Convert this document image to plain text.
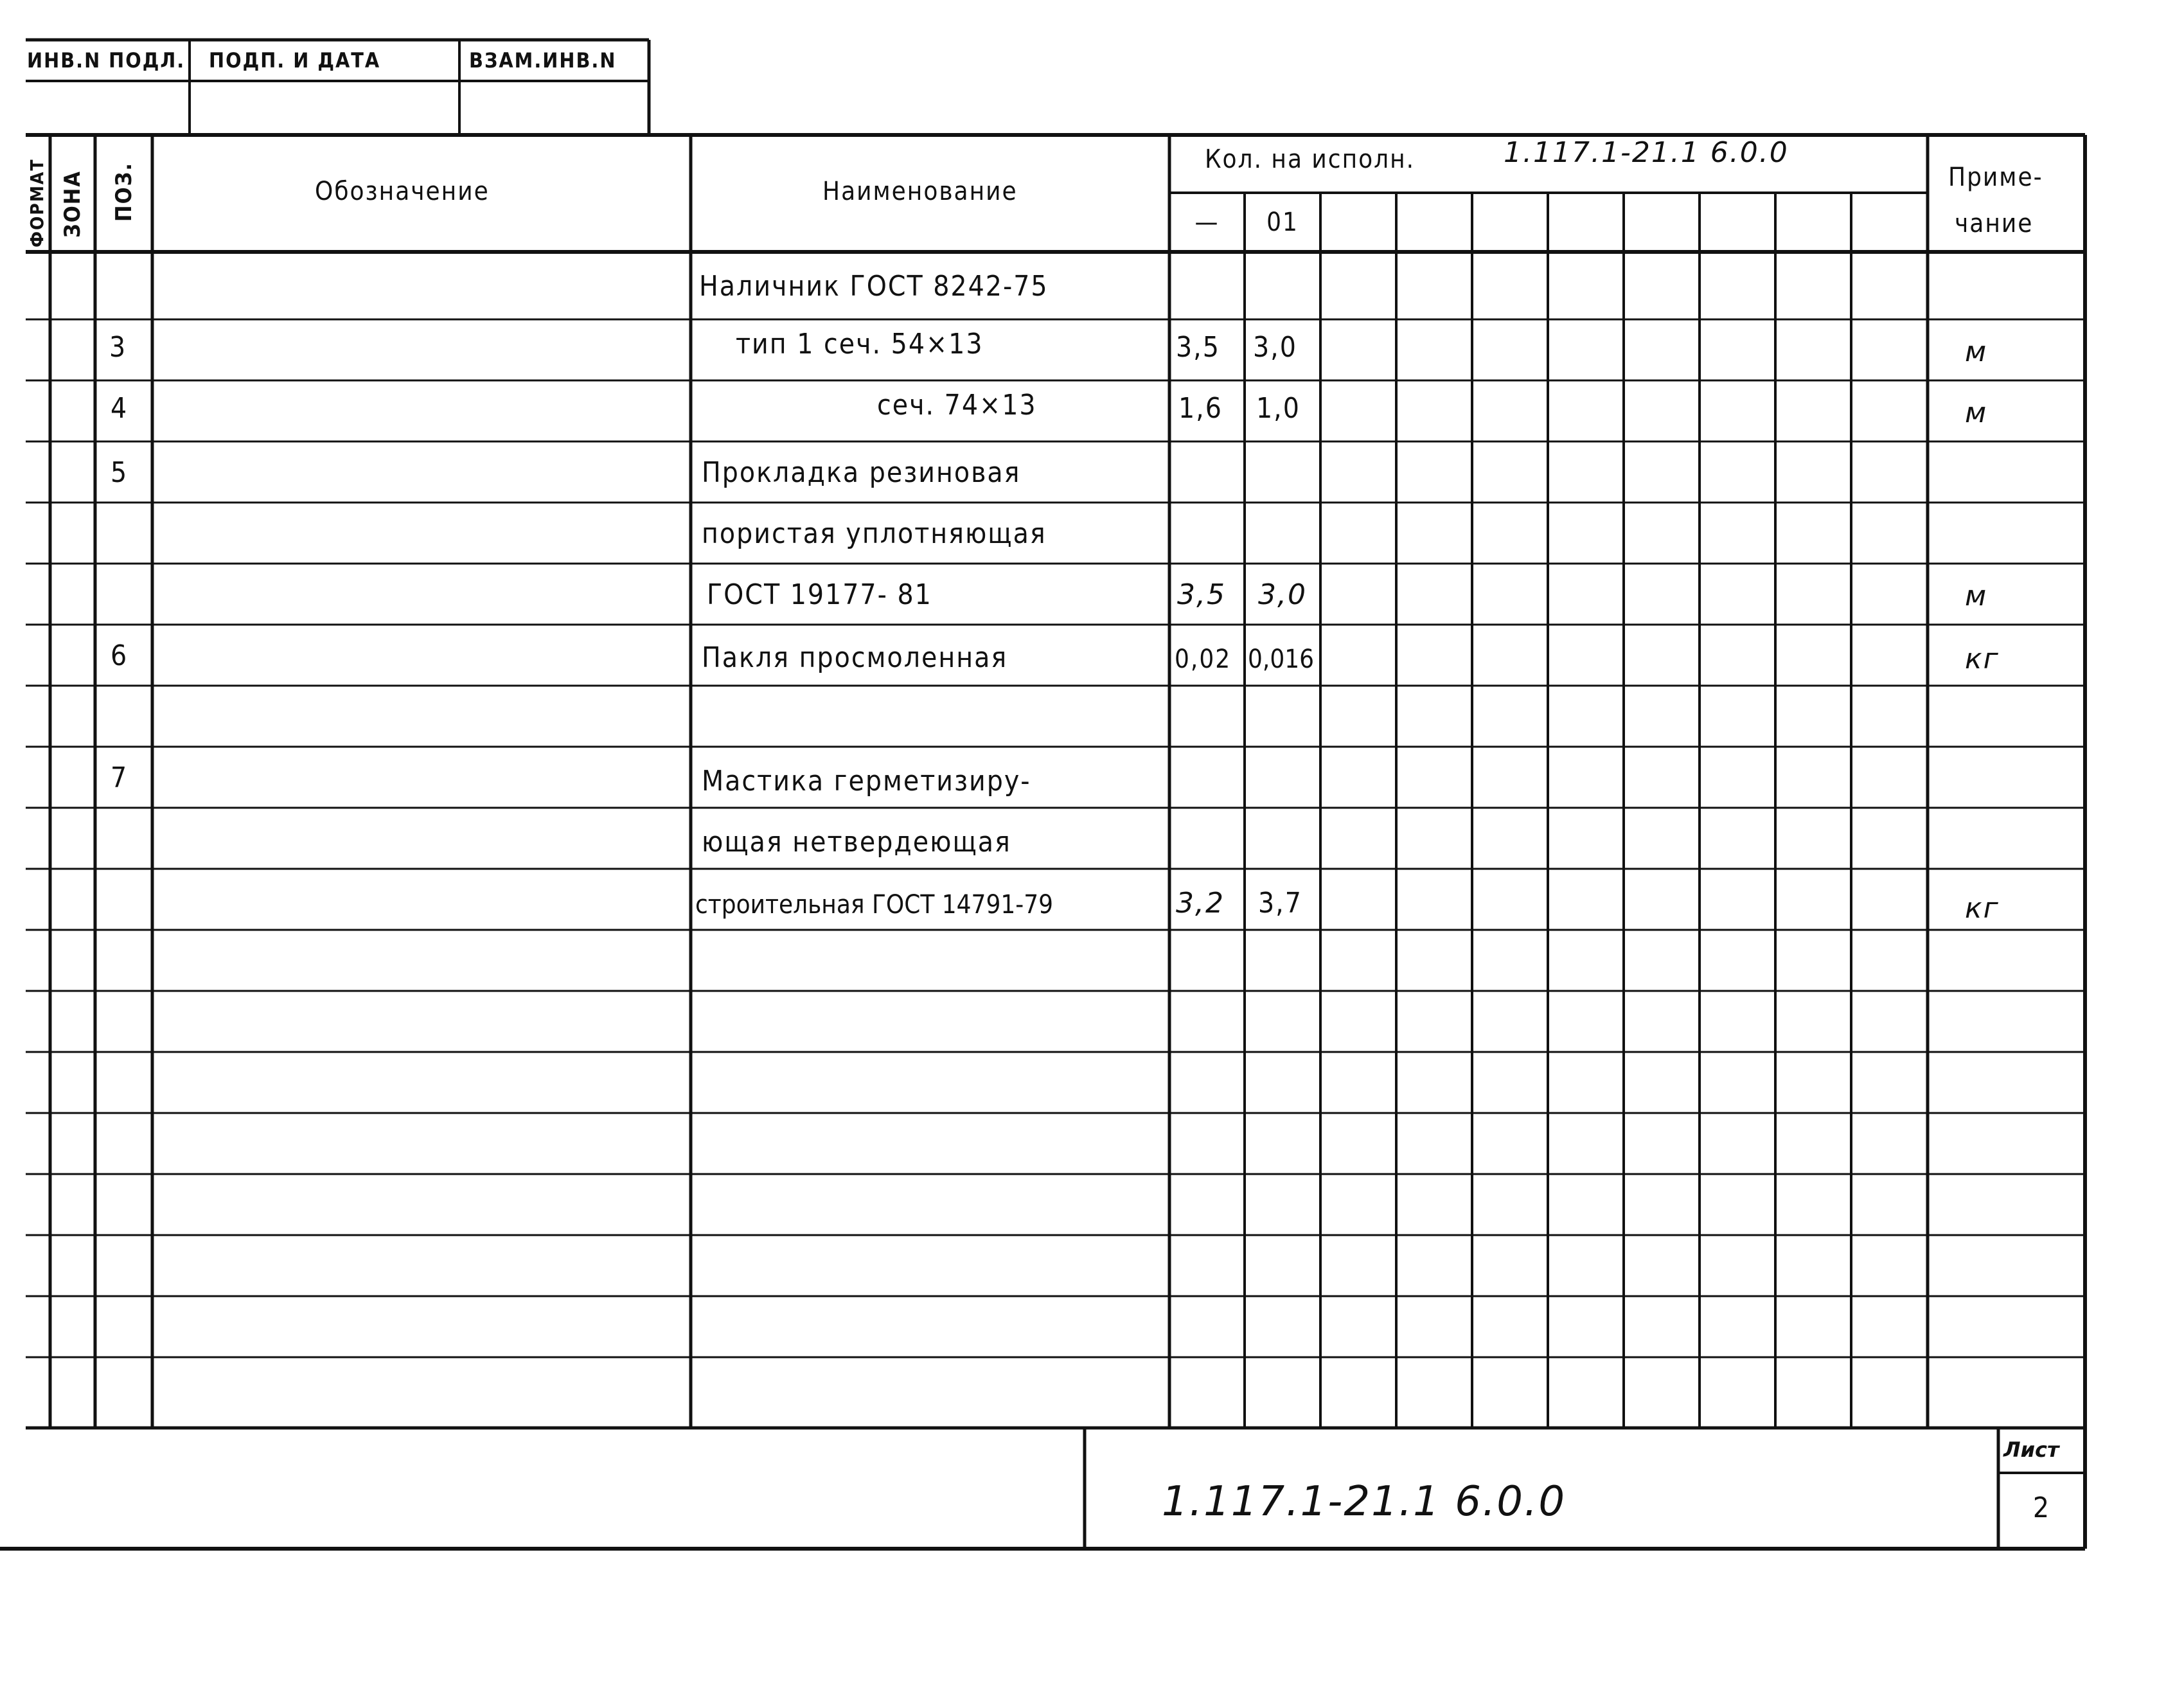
ИНВ.N ПОДЛ. ПОДП. И ДАТА	ВЗАМ.ИНВ.N
ФОРМАТ ЗОНА ПОЗ.	Обозначение	Наименование
Кол. на исполн.	1.117.1-21.1 6.0.0
—	01
Приме-
чание
Наличник ГОСТ 8242-75
3	тип 1 сеч. 54×13	3,5 3,0	м
4	сеч. 74×13	1,6 1,0	м
5	Прокладка резиновая
пористая уплотняющая
ГОСТ 19177- 81	3,5 3,0	м
6	Пакля просмоленная	0,02 0,016	кг
7	Мастика герметизиру-
ющая нетвердеющая
строительная ГОСТ 14791-79	3,2 3,7	кг
1.117.1-21.1 6.0.0
Лист
2
